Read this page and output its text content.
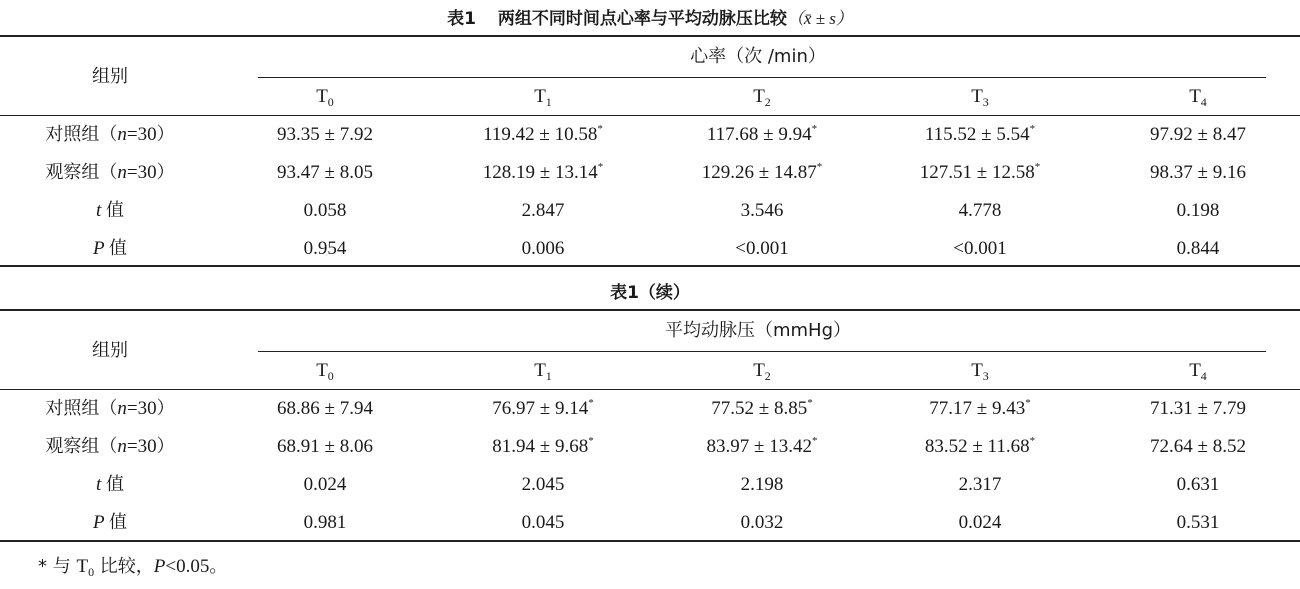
表1 两组不同时间点心率与平均动脉压比较（x̄ ± s）
组别
心率（次 /min）
$T_0$	$T_1$	$T_2$	$T_3$	$T_4$
对照组（n=30）	93.35 ± 7.92	119.42 ± 10.58*	117.68 ± 9.94*	115.52 ± 5.54*	97.92 ± 8.47
观察组（n=30）	93.47 ± 8.05	128.19 ± 13.14*	129.26 ± 14.87*	127.51 ± 12.58*	98.37 ± 9.16
t 值	0.058	2.847	3.546	4.778	0.198
P 值	0.954	0.006	<0.001	<0.001	0.844
表1（续）
组别
平均动脉压（mmHg）
$T_0$	$T_1$	$T_2$	$T_3$	$T_4$
对照组（n=30）	68.86 ± 7.94	76.97 ± 9.14*	77.52 ± 8.85*	77.17 ± 9.43*	71.31 ± 7.79
观察组（n=30）	68.91 ± 8.06	81.94 ± 9.68*	83.97 ± 13.42*	83.52 ± 11.68*	72.64 ± 8.52
t 值	0.024	2.045	2.198	2.317	0.631
P 值	0.981	0.045	0.032	0.024	0.531
* 与 $T_0$ 比较，P<0.05。
